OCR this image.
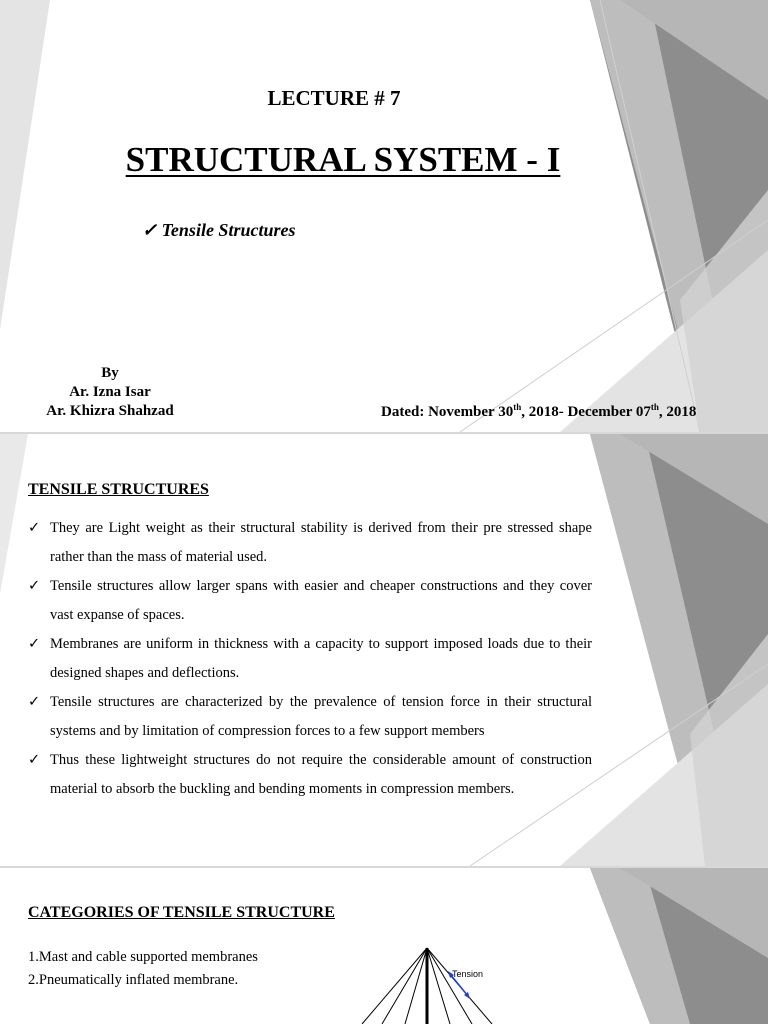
LECTURE # 7
STRUCTURAL SYSTEM - I
✓ Tensile Structures
By
Ar. Izna Isar
Ar. Khizra Shahzad	Dated: November 30th, 2018- December 07th, 2018
TENSILE STRUCTURES
✓ They are Light weight as their structural stability is derived from their pre stressed shape rather than the mass of material used.
✓ Tensile structures allow larger spans with easier and cheaper constructions and they cover vast expanse of spaces.
✓ Membranes are uniform in thickness with a capacity to support imposed loads due to their designed shapes and deflections.
✓ Tensile structures are characterized by the prevalence of tension force in their structural systems and by limitation of compression forces to a few support members
✓ Thus these lightweight structures do not require the considerable amount of construction material to absorb the buckling and bending moments in compression members.
CATEGORIES OF TENSILE STRUCTURE
1.Mast and cable supported membranes
2.Pneumatically inflated membrane.	Tension
